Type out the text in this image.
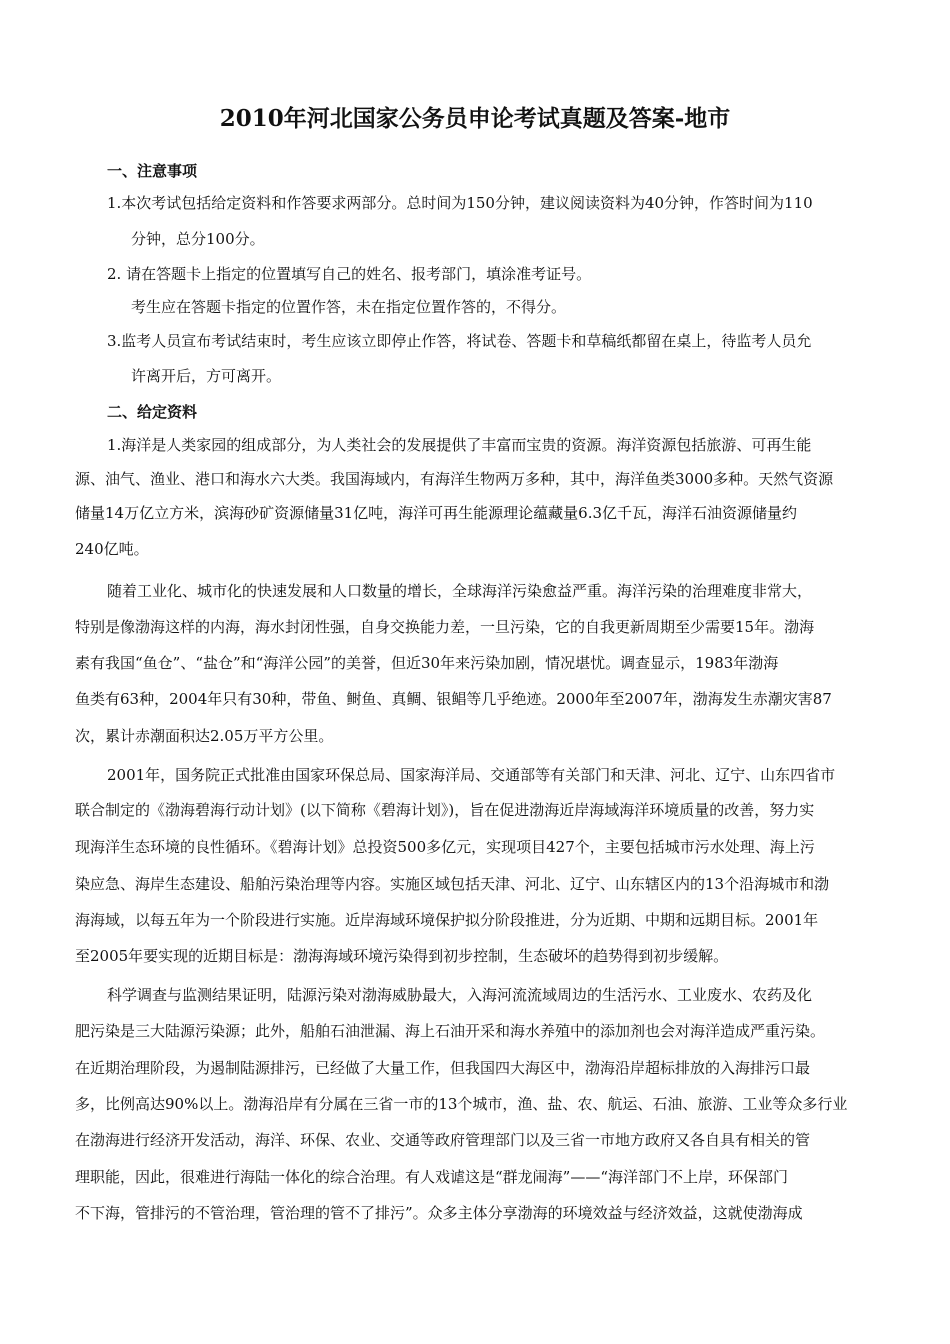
2010年河北国家公务员申论考试真题及答案-地市
一、注意事项
1.本次考试包括给定资料和作答要求两部分。总时间为150分钟，建议阅读资料为40分钟，作答时间为110
分钟，总分100分。
2. 请在答题卡上指定的位置填写自己的姓名、报考部门，填涂准考证号。
考生应在答题卡指定的位置作答，未在指定位置作答的，不得分。
3.监考人员宣布考试结束时，考生应该立即停止作答，将试卷、答题卡和草稿纸都留在桌上，待监考人员允
许离开后，方可离开。
二、给定资料
1.海洋是人类家园的组成部分，为人类社会的发展提供了丰富而宝贵的资源。海洋资源包括旅游、可再生能
源、油气、渔业、港口和海水六大类。我国海域内，有海洋生物两万多种，其中，海洋鱼类3000多种。天然气资源
储量14万亿立方米，滨海砂矿资源储量31亿吨，海洋可再生能源理论蕴藏量6.3亿千瓦，海洋石油资源储量约
240亿吨。
随着工业化、城市化的快速发展和人口数量的增长，全球海洋污染愈益严重。海洋污染的治理难度非常大，
特别是像渤海这样的内海，海水封闭性强，自身交换能力差，一旦污染，它的自我更新周期至少需要15年。渤海
素有我国“鱼仓”、“盐仓”和“海洋公园”的美誉，但近30年来污染加剧，情况堪忧。调查显示，1983年渤海
鱼类有63种，2004年只有30种，带鱼、鲥鱼、真鲷、银鲳等几乎绝迹。2000年至2007年，渤海发生赤潮灾害87
次，累计赤潮面积达2.05万平方公里。
2001年，国务院正式批准由国家环保总局、国家海洋局、交通部等有关部门和天津、河北、辽宁、山东四省市
联合制定的《渤海碧海行动计划》(以下简称《碧海计划》)，旨在促进渤海近岸海域海洋环境质量的改善，努力实
现海洋生态环境的良性循环。《碧海计划》总投资500多亿元，实现项目427个，主要包括城市污水处理、海上污
染应急、海岸生态建设、船舶污染治理等内容。实施区域包括天津、河北、辽宁、山东辖区内的13个沿海城市和渤
海海域，以每五年为一个阶段进行实施。近岸海域环境保护拟分阶段推进，分为近期、中期和远期目标。2001年
至2005年要实现的近期目标是：渤海海域环境污染得到初步控制，生态破坏的趋势得到初步缓解。
科学调查与监测结果证明，陆源污染对渤海威胁最大，入海河流流域周边的生活污水、工业废水、农药及化
肥污染是三大陆源污染源；此外，船舶石油泄漏、海上石油开采和海水养殖中的添加剂也会对海洋造成严重污染。
在近期治理阶段，为遏制陆源排污，已经做了大量工作，但我国四大海区中，渤海沿岸超标排放的入海排污口最
多，比例高达90%以上。渤海沿岸有分属在三省一市的13个城市，渔、盐、农、航运、石油、旅游、工业等众多行业
在渤海进行经济开发活动，海洋、环保、农业、交通等政府管理部门以及三省一市地方政府又各自具有相关的管
理职能，因此，很难进行海陆一体化的综合治理。有人戏谑这是“群龙闹海”——“海洋部门不上岸，环保部门
不下海，管排污的不管治理，管治理的管不了排污”。众多主体分享渤海的环境效益与经济效益，这就使渤海成
